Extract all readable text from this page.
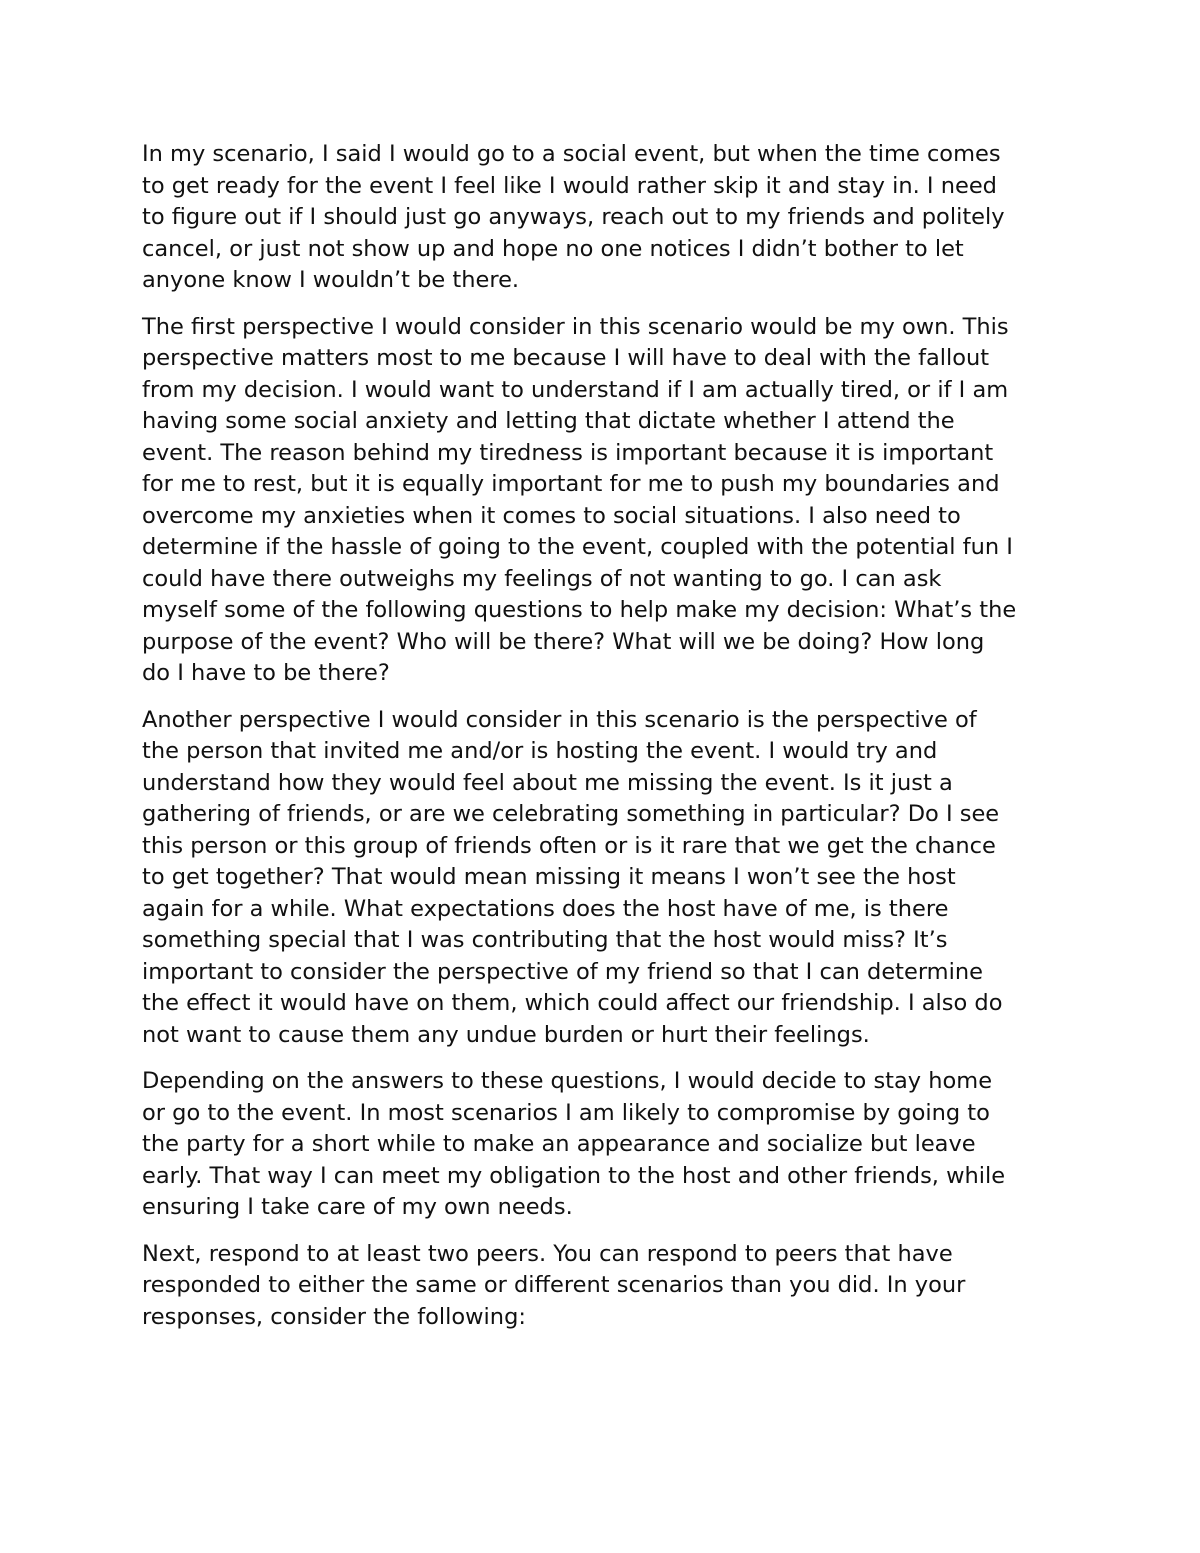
In my scenario, I said I would go to a social event, but when the time comes
to get ready for the event I feel like I would rather skip it and stay in. I need
to figure out if I should just go anyways, reach out to my friends and politely
cancel, or just not show up and hope no one notices I didn’t bother to let
anyone know I wouldn’t be there.

The first perspective I would consider in this scenario would be my own. This
perspective matters most to me because I will have to deal with the fallout
from my decision. I would want to understand if I am actually tired, or if I am
having some social anxiety and letting that dictate whether I attend the
event. The reason behind my tiredness is important because it is important
for me to rest, but it is equally important for me to push my boundaries and
overcome my anxieties when it comes to social situations. I also need to
determine if the hassle of going to the event, coupled with the potential fun I
could have there outweighs my feelings of not wanting to go. I can ask
myself some of the following questions to help make my decision: What’s the
purpose of the event? Who will be there? What will we be doing? How long
do I have to be there?

Another perspective I would consider in this scenario is the perspective of
the person that invited me and/or is hosting the event. I would try and
understand how they would feel about me missing the event. Is it just a
gathering of friends, or are we celebrating something in particular? Do I see
this person or this group of friends often or is it rare that we get the chance
to get together? That would mean missing it means I won’t see the host
again for a while. What expectations does the host have of me, is there
something special that I was contributing that the host would miss? It’s
important to consider the perspective of my friend so that I can determine
the effect it would have on them, which could affect our friendship. I also do
not want to cause them any undue burden or hurt their feelings.

Depending on the answers to these questions, I would decide to stay home
or go to the event. In most scenarios I am likely to compromise by going to
the party for a short while to make an appearance and socialize but leave
early. That way I can meet my obligation to the host and other friends, while
ensuring I take care of my own needs.

Next, respond to at least two peers. You can respond to peers that have
responded to either the same or different scenarios than you did. In your
responses, consider the following:
